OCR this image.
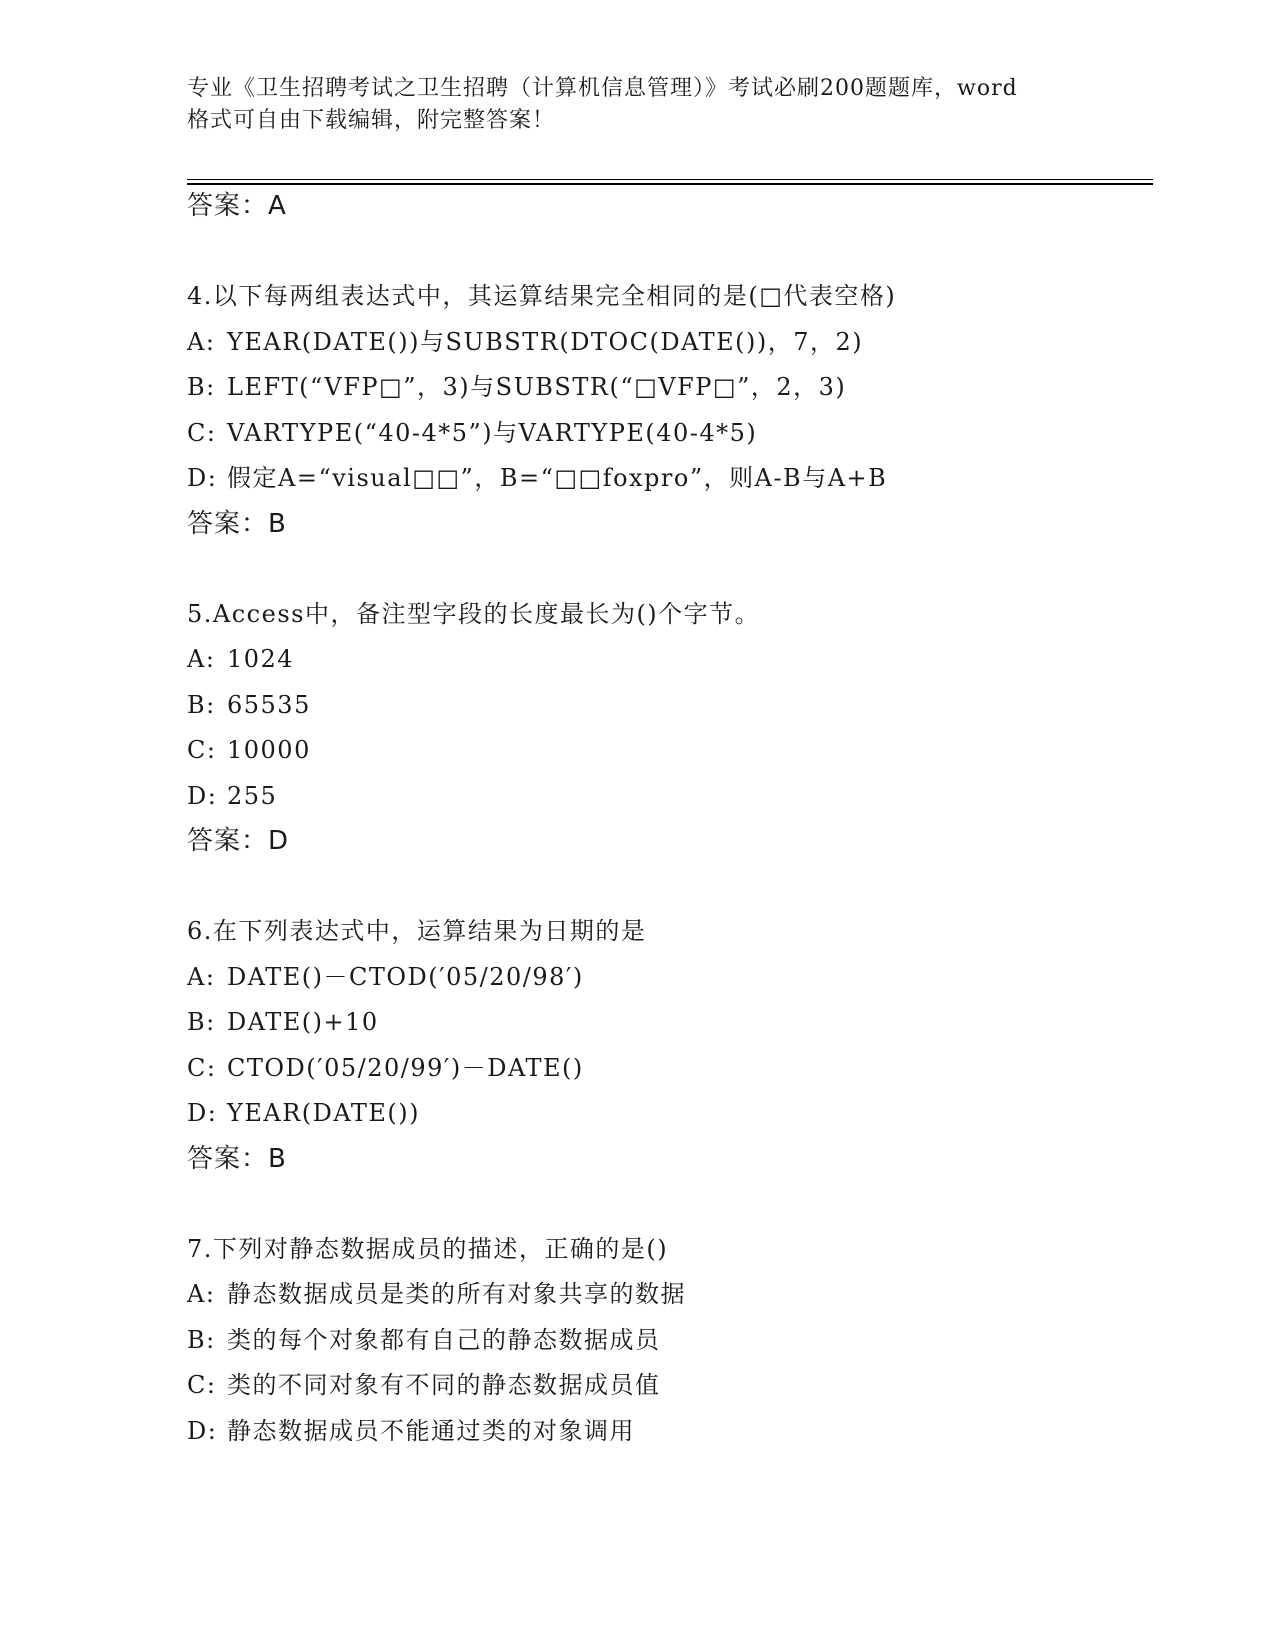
专业《卫生招聘考试之卫生招聘（计算机信息管理）》考试必刷200题题库，word
格式可自由下载编辑，附完整答案！
答案：A
4.以下每两组表达式中，其运算结果完全相同的是(□代表空格)
A: YEAR(DATE())与SUBSTR(DTOC(DATE())，7，2)
B: LEFT(“VFP□”，3)与SUBSTR(“□VFP□”，2，3)
C: VARTYPE(“40-4*5”)与VARTYPE(40-4*5)
D: 假定A=“visual□□”，B=“□□foxpro”，则A-B与A+B
答案：B
5.Access中，备注型字段的长度最长为()个字节。
A: 1024
B: 65535
C: 10000
D: 255
答案：D
6.在下列表达式中，运算结果为日期的是
A: DATE()－CTOD(′05/20/98′)
B: DATE()+10
C: CTOD(′05/20/99′)－DATE()
D: YEAR(DATE())
答案：B
7.下列对静态数据成员的描述，正确的是()
A: 静态数据成员是类的所有对象共享的数据
B: 类的每个对象都有自己的静态数据成员
C: 类的不同对象有不同的静态数据成员值
D: 静态数据成员不能通过类的对象调用
